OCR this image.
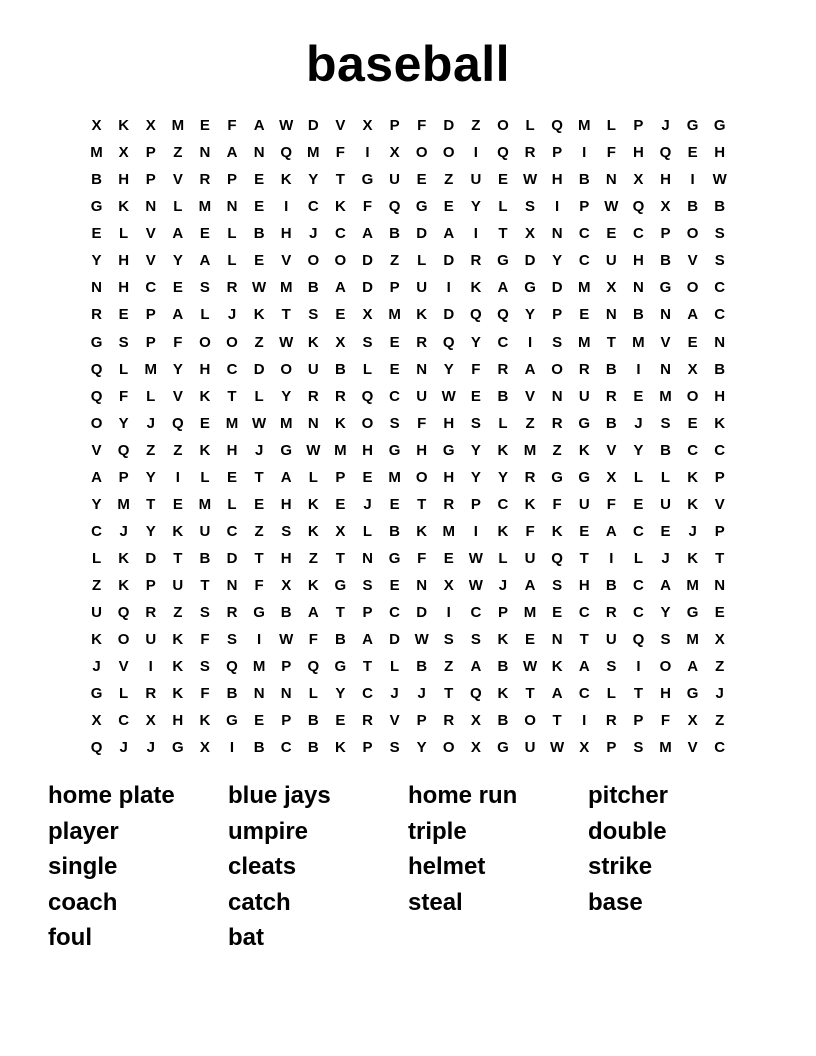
baseball
X	K	X	M	E	F	A W D	V	X	P	F	D	Z	O	L	Q	M	L	P	J	G	G
M	X	P	Z	N	A	N	Q	M	F	I	X	O	O	I	Q	R	P	I	F	H	Q	E	H
B	H	P	V	R	P	E	K	Y	T	G	U	E	Z	U	E	W H	B	N	X	H	I	W
G	K	N	L	M	N	E	I	C	K	F	Q	G	E	Y	L	S	I	P	W Q	X	B	B
E	L	V	A	E	L	B	H	J	C	A	B	D	A	I	T	X	N	C	E	C	P	O	S
Y	H	V	Y	A	L	E	V	O	O	D	Z	L	D	R	G	D	Y	C	U	H	B	V	S
N	H	C	E	S	R W M	B	A	D	P	U	I	K	A	G	D	M	X	N	G	O	C
R	E	P	A	L	J	K	T	S	E	X	M	K	D	Q	Q	Y	P	E	N	B	N	A	C
G	S	P	F	O	O	Z	W K	X	S	E	R	Q	Y	C	I	S	M	T	M	V	E	N
Q	L	M	Y	H	C	D	O	U	B	L	E	N	Y	F	R	A	O	R	B	I	N	X	B
Q	F	L	V	K	T	L	Y	R	R	Q	C	U W	E	B	V	N	U	R	E	M	O	H
O	Y	J	Q	E	M W M	N	K	O	S	F	H	S	L	Z	R	G	B	J	S	E	K
V	Q	Z	Z	K	H	J	G W M	H	G	H	G	Y	K	M	Z	K	V	Y	B	C	C
A	P	Y	I	L	E	T	A	L	P	E	M	O	H	Y	Y	R	G	G	X	L	L	K	P
Y	M	T	E	M	L	E	H	K	E	J	E	T	R	P	C	K	F	U	F	E	U	K	V
C	J	Y	K	U	C	Z	S	K	X	L	B	K	M	I	K	F	K	E	A	C	E	J	P
L	K	D	T	B	D	T	H	Z	T	N	G	F	E	W	L	U	Q	T	I	L	J	K	T
Z	K	P	U	T	N	F	X	K	G	S	E	N	X	W	J	A	S	H	B	C	A	M	N
U	Q	R	Z	S	R	G	B	A	T	P	C	D	I	C	P	M	E	C	R	C	Y	G	E
K	O	U	K	F	S	I	W	F	B	A	D W	S	S	K	E	N	T	U	Q	S	M	X
J	V	I	K	S	Q	M	P	Q	G	T	L	B	Z	A	B W K	A	S	I	O	A	Z
G	L	R	K	F	B	N	N	L	Y	C	J	J	T	Q	K	T	A	C	L	T	H	G	J
X	C	X	H	K	G	E	P	B	E	R	V	P	R	X	B	O	T	I	R	P	F	X	Z
Q	J	J	G	X	I	B	C	B	K	P	S	Y	O	X	G	U W	X	P	S	M	V	C
home plate	blue jays	home run	pitcher
player	umpire	triple	double
single	cleats	helmet	strike
coach	catch	steal	base
foul	bat
